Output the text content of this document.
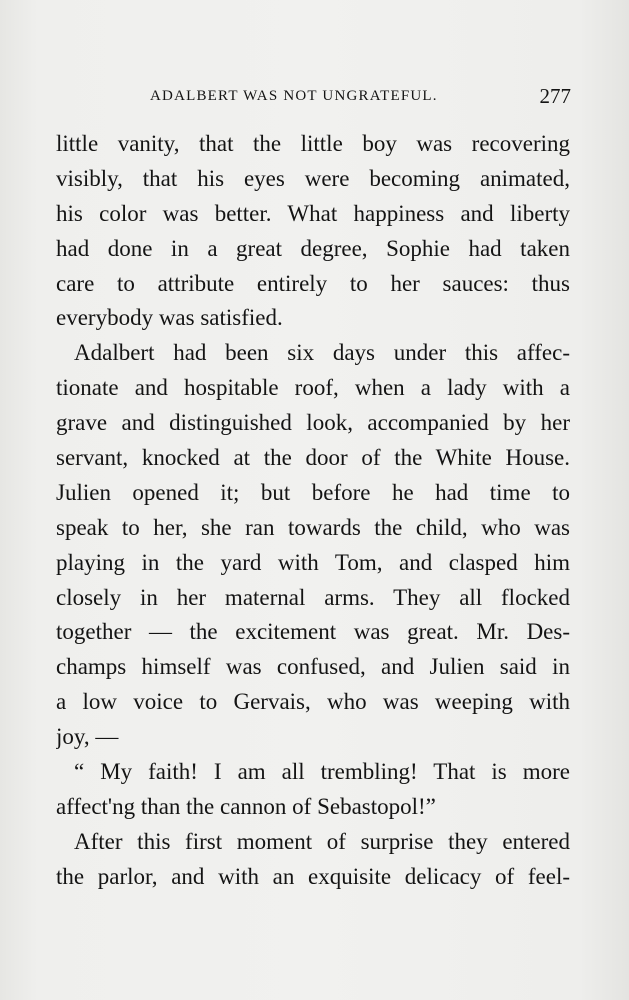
ADALBERT WAS NOT UNGRATEFUL.	277
little vanity, that the little boy was recovering
visibly, that his eyes were becoming animated,
his color was better. What happiness and liberty
had done in a great degree, Sophie had taken
care to attribute entirely to her sauces: thus
everybody was satisfied.
Adalbert had been six days under this affec-
tionate and hospitable roof, when a lady with a
grave and distinguished look, accompanied by her
servant, knocked at the door of the White House.
Julien opened it; but before he had time to
speak to her, she ran towards the child, who was
playing in the yard with Tom, and clasped him
closely in her maternal arms. They all flocked
together — the excitement was great. Mr. Des-
champs himself was confused, and Julien said in
a low voice to Gervais, who was weeping with
joy, —
“ My faith! I am all trembling! That is more
affect'ng than the cannon of Sebastopol!”
After this first moment of surprise they entered
the parlor, and with an exquisite delicacy of feel-
